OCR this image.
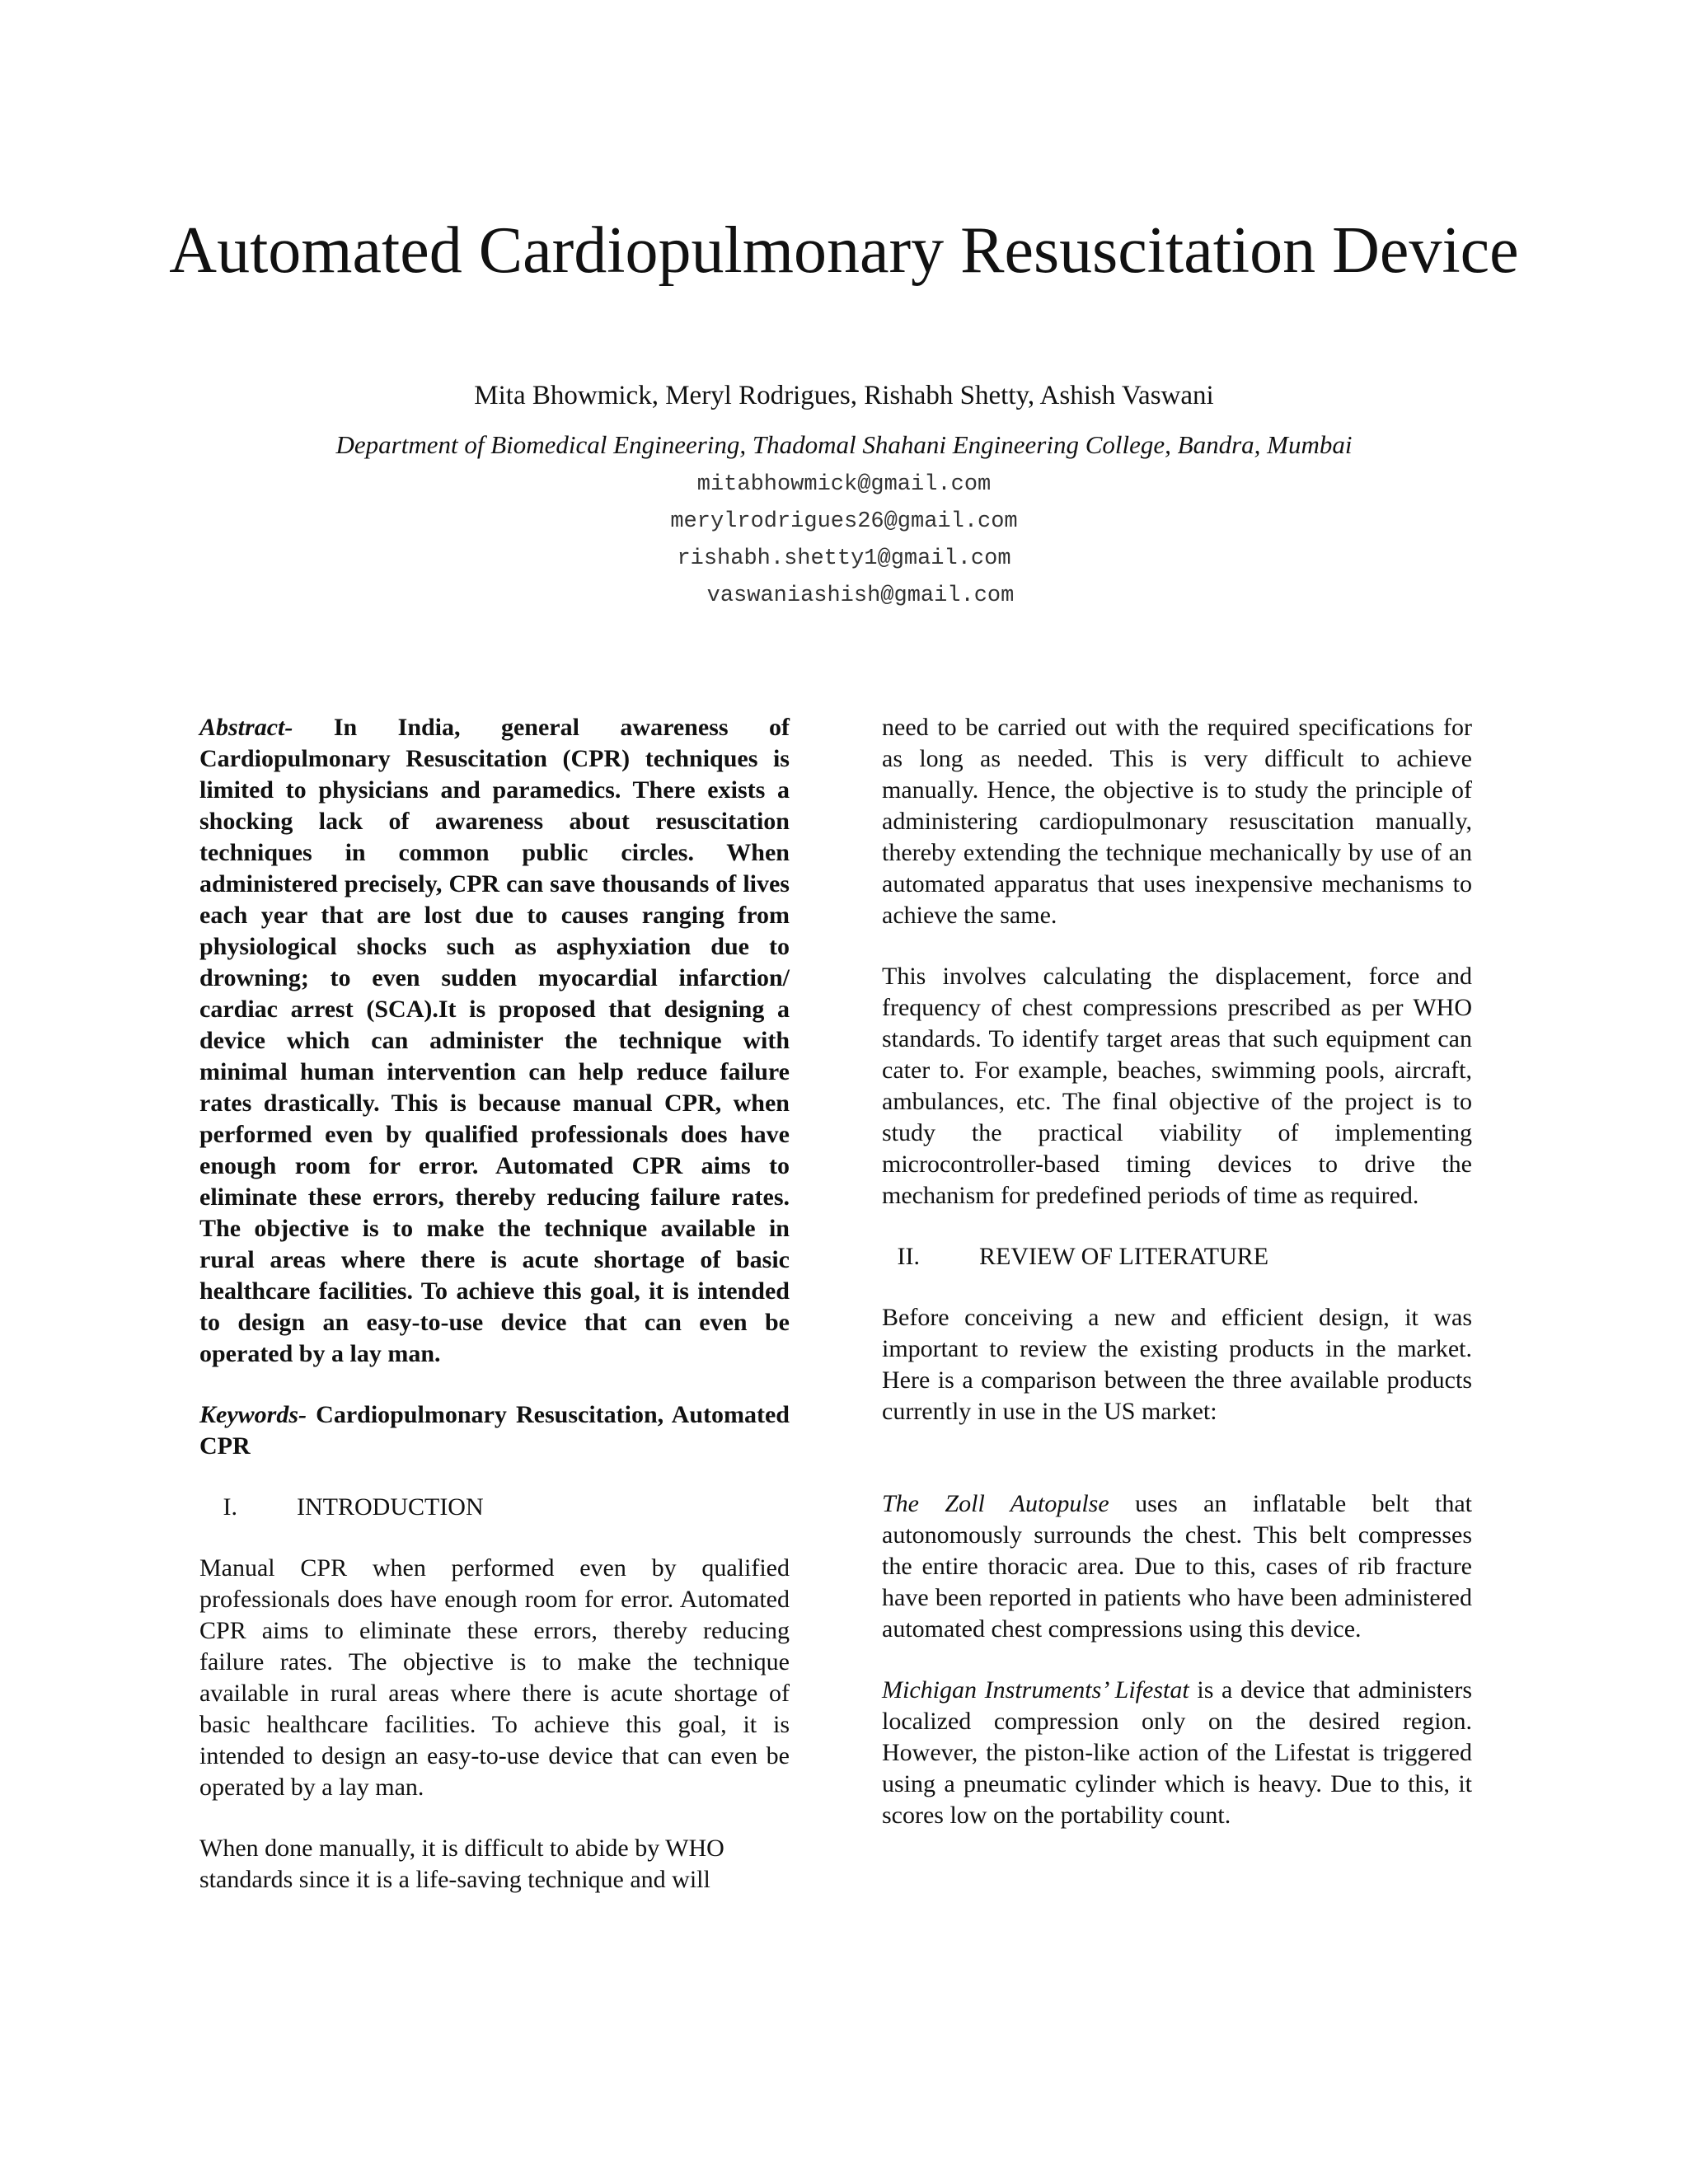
Automated Cardiopulmonary Resuscitation Device
Mita Bhowmick, Meryl Rodrigues, Rishabh Shetty, Ashish Vaswani
Department of Biomedical Engineering, Thadomal Shahani Engineering College, Bandra, Mumbai
mitabhowmick@gmail.com
merylrodrigues26@gmail.com
rishabh.shetty1@gmail.com
vaswaniashish@gmail.com

Abstract- In India, general awareness of Cardiopulmonary Resuscitation (CPR) techniques is limited to physicians and paramedics. There exists a shocking lack of awareness about resuscitation techniques in common public circles. When administered precisely, CPR can save thousands of lives each year that are lost due to causes ranging from physiological shocks such as asphyxiation due to drowning; to even sudden myocardial infarction/ cardiac arrest (SCA).It is proposed that designing a device which can administer the technique with minimal human intervention can help reduce failure rates drastically. This is because manual CPR, when performed even by qualified professionals does have enough room for error. Automated CPR aims to eliminate these errors, thereby reducing failure rates. The objective is to make the technique available in rural areas where there is acute shortage of basic healthcare facilities. To achieve this goal, it is intended to design an easy-to-use device that can even be operated by a lay man.

Keywords- Cardiopulmonary Resuscitation, Automated CPR

I. INTRODUCTION

Manual CPR when performed even by qualified professionals does have enough room for error. Automated CPR aims to eliminate these errors, thereby reducing failure rates. The objective is to make the technique available in rural areas where there is acute shortage of basic healthcare facilities. To achieve this goal, it is intended to design an easy-to-use device that can even be operated by a lay man.

When done manually, it is difficult to abide by WHO standards since it is a life-saving technique and will

need to be carried out with the required specifications for as long as needed. This is very difficult to achieve manually. Hence, the objective is to study the principle of administering cardiopulmonary resuscitation manually, thereby extending the technique mechanically by use of an automated apparatus that uses inexpensive mechanisms to achieve the same.

This involves calculating the displacement, force and frequency of chest compressions prescribed as per WHO standards. To identify target areas that such equipment can cater to. For example, beaches, swimming pools, aircraft, ambulances, etc. The final objective of the project is to study the practical viability of implementing microcontroller-based timing devices to drive the mechanism for predefined periods of time as required.

II. REVIEW OF LITERATURE

Before conceiving a new and efficient design, it was important to review the existing products in the market. Here is a comparison between the three available products currently in use in the US market:

The Zoll Autopulse uses an inflatable belt that autonomously surrounds the chest. This belt compresses the entire thoracic area. Due to this, cases of rib fracture have been reported in patients who have been administered automated chest compressions using this device.

Michigan Instruments’ Lifestat is a device that administers localized compression only on the desired region. However, the piston-like action of the Lifestat is triggered using a pneumatic cylinder which is heavy. Due to this, it scores low on the portability count.
